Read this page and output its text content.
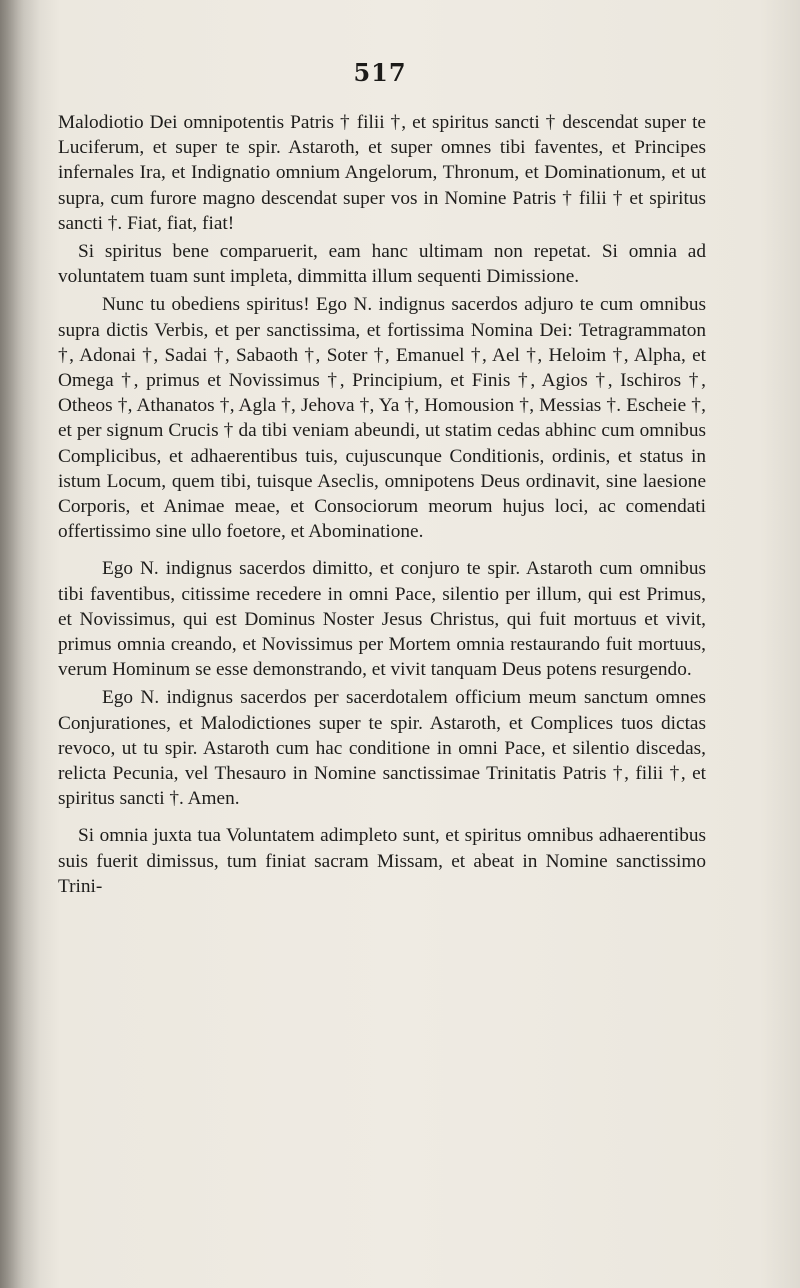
517

Malodiotio Dei omnipotentis Patris † filii †, et spiritus sancti † descendat super te Luciferum, et super te spir. Astaroth, et super omnes tibi faventes, et Principes infernales Ira, et Indignatio omnium Angelorum, Thronum, et Dominationum, et ut supra, cum furore magno descendat super vos in Nomine Patris † filii † et spiritus sancti †. Fiat, fiat, fiat!

Si spiritus bene comparuerit, eam hanc ultimam non repetat. Si omnia ad voluntatem tuam sunt impleta, dimmitta illum sequenti Dimissione.

Nunc tu obediens spiritus! Ego N. indignus sacerdos adjuro te cum omnibus supra dictis Verbis, et per sanctissima, et fortissima Nomina Dei: Tetragrammaton †, Adonai †, Sadai †, Sabaoth †, Soter †, Emanuel †, Ael †, Heloim †, Alpha, et Omega †, primus et Novissimus †, Principium, et Finis †, Agios †, Ischiros †, Otheos †, Athanatos †, Agla †, Jehova †, Ya †, Homousion †, Messias †. Escheie †, et per signum Crucis † da tibi veniam abeundi, ut statim cedas abhinc cum omnibus Complicibus, et adhaerentibus tuis, cujuscunque Conditionis, ordinis, et status in istum Locum, quem tibi, tuisque Aseclis, omnipotens Deus ordinavit, sine laesione Corporis, et Animae meae, et Consociorum meorum hujus loci, ac comendati offertissimo sine ullo foetore, et Abominatione.

Ego N. indignus sacerdos dimitto, et conjuro te spir. Astaroth cum omnibus tibi faventibus, citissime recedere in omni Pace, silentio per illum, qui est Primus, et Novissimus, qui est Dominus Noster Jesus Christus, qui fuit mortuus et vivit, primus omnia creando, et Novissimus per Mortem omnia restaurando fuit mortuus, verum Hominum se esse demonstrando, et vivit tanquam Deus potens resurgendo.

Ego N. indignus sacerdos per sacerdotalem officium meum sanctum omnes Conjurationes, et Malodictiones super te spir. Astaroth, et Complices tuos dictas revoco, ut tu spir. Astaroth cum hac conditione in omni Pace, et silentio discedas, relicta Pecunia, vel Thesauro in Nomine sanctissimae Trinitatis Patris †, filii †, et spiritus sancti †. Amen.

Si omnia juxta tua Voluntatem adimpleto sunt, et spiritus omnibus adhaerentibus suis fuerit dimissus, tum finiat sacram Missam, et abeat in Nomine sanctissimo Trini-
